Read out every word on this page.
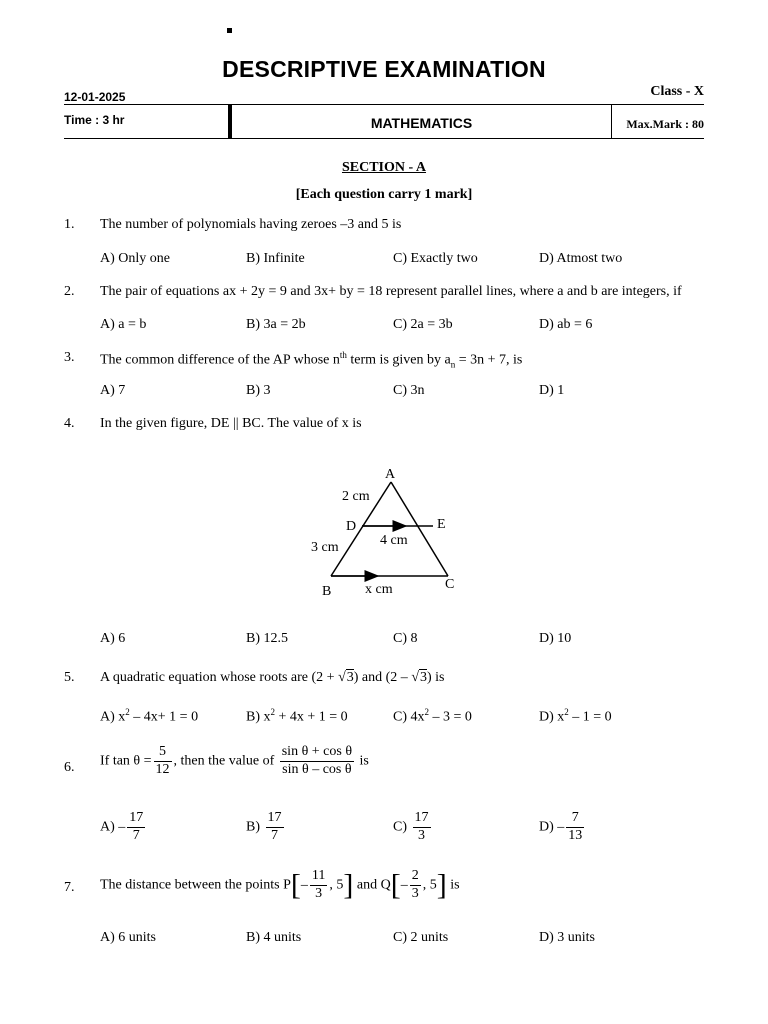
DESCRIPTIVE EXAMINATION
12-01-2025	Class - X
Time : 3 hr	MATHEMATICS	Max.Mark : 80
SECTION - A
[Each question carry 1 mark]
1. The number of polynomials having zeroes –3 and 5 is
A) Only one	B) Infinite	C) Exactly two	D) Atmost two
2. The pair of equations ax + 2y = 9 and 3x+ by = 18 represent parallel lines, where a and b are integers, if
A) a = b	B) 3a = 2b	C) 2a = 3b	D) ab = 6
3. The common difference of the AP whose $n^{th}$ term is given by $a_n = 3n + 7$, is
A) 7	B) 3	C) 3n	D) 1
4. In the given figure, DE || BC. The value of x is
A
2 cm
D	E
4 cm
3 cm
B	C
x cm
A) 6	B) 12.5	C) 8	D) 10
5. A quadratic equation whose roots are (2 + √3) and (2 – √3) is
A) $x^2 - 4x+ 1 = 0$	B) $x^2 + 4x + 1 = 0$	C) $4x^2 - 3 = 0$	D) $x^2 - 1 = 0$
6. If $\tan \theta = \frac{5}{12}$ , then the value of $\frac{\text{sin θ + cos θ}}{\text{sin θ – cos θ}}$ is
$A) - \frac{17}{7}$	$B) \frac{17}{7}$	$C) \frac{17}{3}$	$D) - \frac{7}{13}$
7. The distance between the points $P[- \frac{11}{3}$ , 5] and $Q[- \frac{2}{3}$ , 5] is
A) 6 units	B) 4 units	C) 2 units	D) 3 units
